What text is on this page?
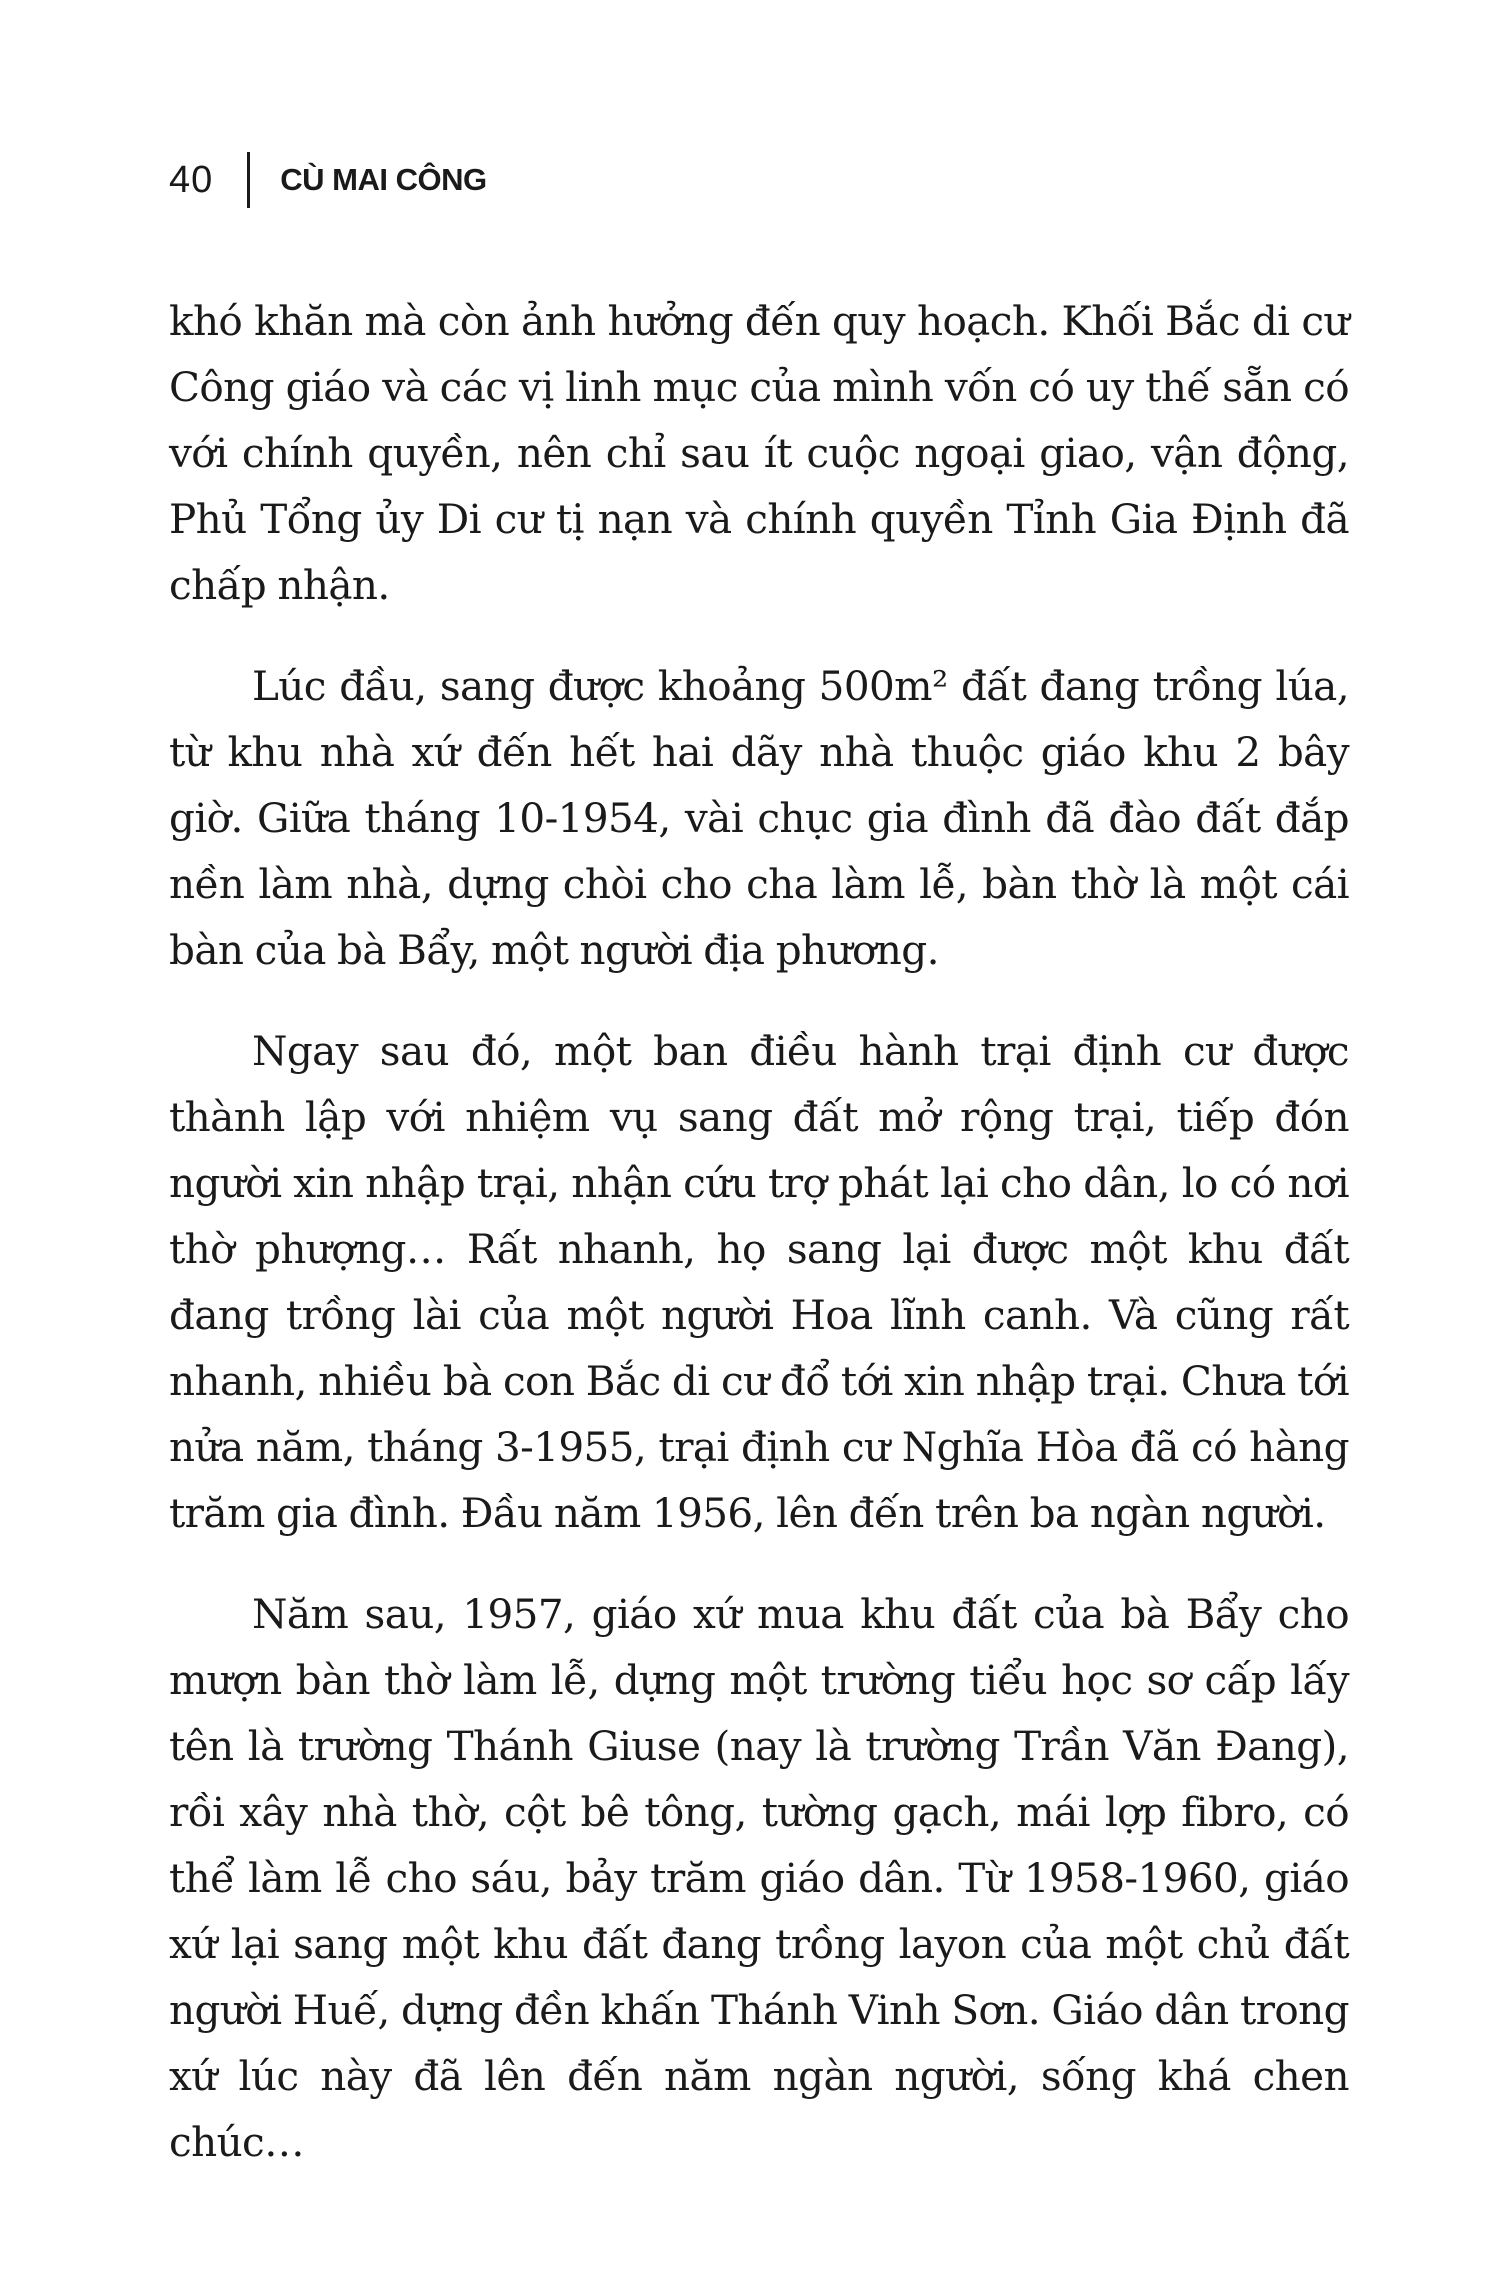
40 CÙ MAI CÔNG

khó khăn mà còn ảnh hưởng đến quy hoạch. Khối Bắc di cư Công giáo và các vị linh mục của mình vốn có uy thế sẵn có với chính quyền, nên chỉ sau ít cuộc ngoại giao, vận động, Phủ Tổng ủy Di cư tị nạn và chính quyền Tỉnh Gia Định đã chấp nhận.

Lúc đầu, sang được khoảng 500m² đất đang trồng lúa, từ khu nhà xứ đến hết hai dãy nhà thuộc giáo khu 2 bây giờ. Giữa tháng 10-1954, vài chục gia đình đã đào đất đắp nền làm nhà, dựng chòi cho cha làm lễ, bàn thờ là một cái bàn của bà Bẩy, một người địa phương.

Ngay sau đó, một ban điều hành trại định cư được thành lập với nhiệm vụ sang đất mở rộng trại, tiếp đón người xin nhập trại, nhận cứu trợ phát lại cho dân, lo có nơi thờ phượng… Rất nhanh, họ sang lại được một khu đất đang trồng lài của một người Hoa lĩnh canh. Và cũng rất nhanh, nhiều bà con Bắc di cư đổ tới xin nhập trại. Chưa tới nửa năm, tháng 3-1955, trại định cư Nghĩa Hòa đã có hàng trăm gia đình. Đầu năm 1956, lên đến trên ba ngàn người.

Năm sau, 1957, giáo xứ mua khu đất của bà Bẩy cho mượn bàn thờ làm lễ, dựng một trường tiểu học sơ cấp lấy tên là trường Thánh Giuse (nay là trường Trần Văn Đang), rồi xây nhà thờ, cột bê tông, tường gạch, mái lợp fibro, có thể làm lễ cho sáu, bảy trăm giáo dân. Từ 1958-1960, giáo xứ lại sang một khu đất đang trồng layon của một chủ đất người Huế, dựng đền khấn Thánh Vinh Sơn. Giáo dân trong xứ lúc này đã lên đến năm ngàn người, sống khá chen chúc…
